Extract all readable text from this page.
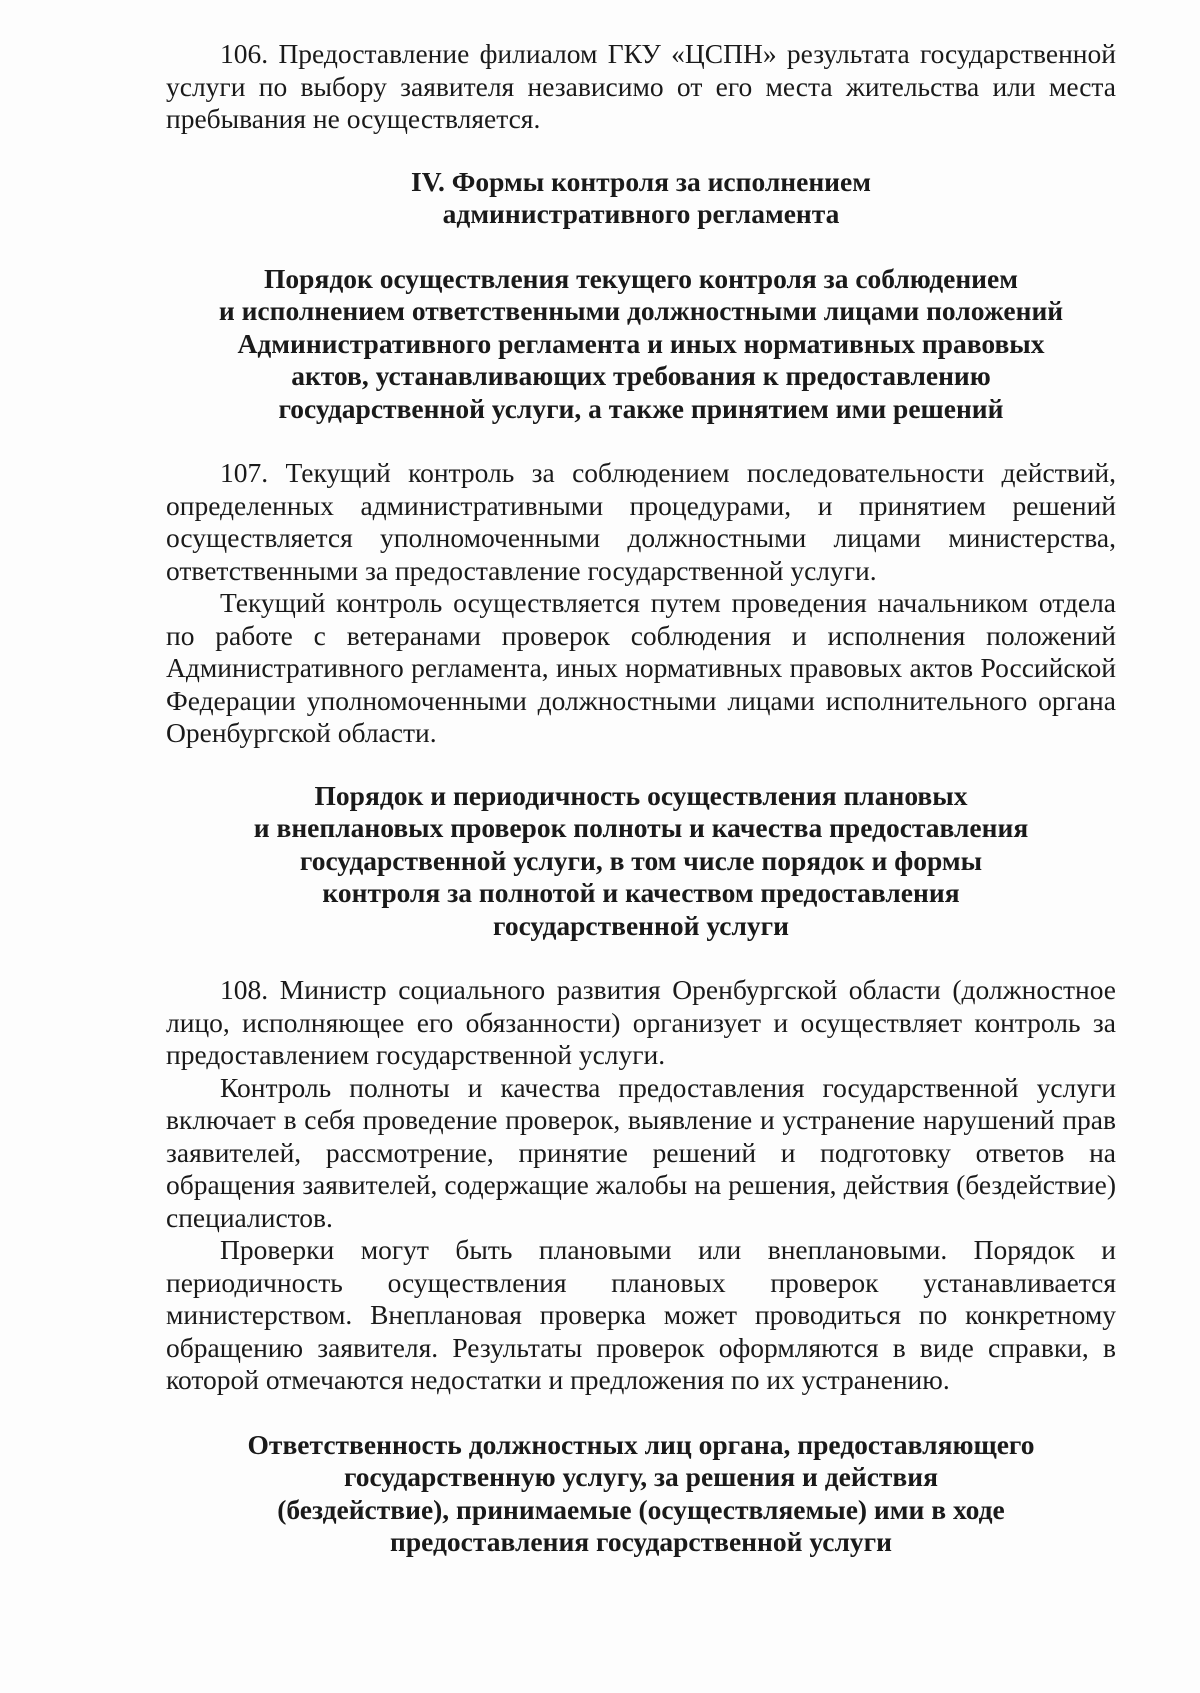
106. Предоставление филиалом ГКУ «ЦСПН» результата государственной услуги по выбору заявителя независимо от его места жительства или места пребывания не осуществляется.

IV. Формы контроля за исполнением
административного регламента
Порядок осуществления текущего контроля за соблюдением
и исполнением ответственными должностными лицами положений
Административного регламента и иных нормативных правовых
актов, устанавливающих требования к предоставлению
государственной услуги, а также принятием ими решений

107. Текущий контроль за соблюдением последовательности действий, определенных административными процедурами, и принятием решений осуществляется уполномоченными должностными лицами министерства, ответственными за предоставление государственной услуги.

Текущий контроль осуществляется путем проведения начальником отдела по работе с ветеранами проверок соблюдения и исполнения положений Административного регламента, иных нормативных правовых актов Российской Федерации уполномоченными должностными лицами исполнительного органа Оренбургской области.

Порядок и периодичность осуществления плановых
и внеплановых проверок полноты и качества предоставления
государственной услуги, в том числе порядок и формы
контроля за полнотой и качеством предоставления
государственной услуги

108. Министр социального развития Оренбургской области (должностное лицо, исполняющее его обязанности) организует и осуществляет контроль за предоставлением государственной услуги.

Контроль полноты и качества предоставления государственной услуги включает в себя проведение проверок, выявление и устранение нарушений прав заявителей, рассмотрение, принятие решений и подготовку ответов на обращения заявителей, содержащие жалобы на решения, действия (бездействие) специалистов.

Проверки могут быть плановыми или внеплановыми. Порядок и периодичность осуществления плановых проверок устанавливается министерством. Внеплановая проверка может проводиться по конкретному обращению заявителя. Результаты проверок оформляются в виде справки, в которой отмечаются недостатки и предложения по их устранению.

Ответственность должностных лиц органа, предоставляющего
государственную услугу, за решения и действия
(бездействие), принимаемые (осуществляемые) ими в ходе
предоставления государственной услуги
